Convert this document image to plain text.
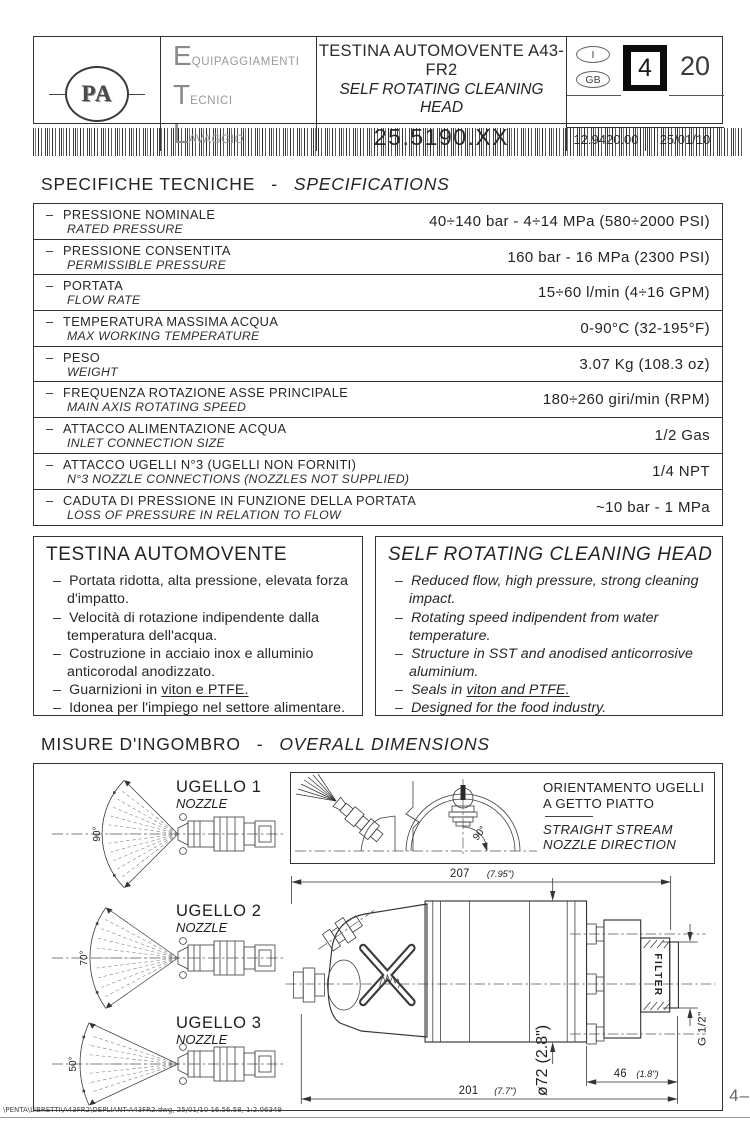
PA
E QUIPAGGIAMENTI
T ECNICI
L AVAGGIO
TESTINA AUTOMOVENTE A43-FR2
SELF ROTATING CLEANING HEAD
25.5190.XX
I
GB	4	20
12.9420.00	25/01/10
SPECIFICHE TECNICHE - SPECIFICATIONS
– PRESSIONE NOMINALE
RATED PRESSURE	40÷140 bar - 4÷14 MPa (580÷2000 PSI)
– PRESSIONE CONSENTITA
PERMISSIBLE PRESSURE	160 bar - 16 MPa (2300 PSI)
– PORTATA
FLOW RATE	15÷60 l/min (4÷16 GPM)
– TEMPERATURA MASSIMA ACQUA
MAX WORKING TEMPERATURE	0-90°C (32-195°F)
– PESO
WEIGHT	3.07 Kg (108.3 oz)
– FREQUENZA ROTAZIONE ASSE PRINCIPALE
MAIN AXIS ROTATING SPEED	180÷260 giri/min (RPM)
– ATTACCO ALIMENTAZIONE ACQUA
INLET CONNECTION SIZE	1/2 Gas
– ATTACCO UGELLI N°3 (UGELLI NON FORNITI)
N°3 NOZZLE CONNECTIONS (NOZZLES NOT SUPPLIED)	1/4 NPT
– CADUTA DI PRESSIONE IN FUNZIONE DELLA PORTATA
LOSS OF PRESSURE IN RELATION TO FLOW	~10 bar - 1 MPa
TESTINA AUTOMOVENTE
–  Portata ridotta, alta pressione, elevata forza d'impatto.
–  Velocità di rotazione indipendente dalla temperatura dell'acqua.
–  Costruzione in acciaio inox e alluminio anticorodal anodizzato.
–  Guarnizioni in viton e PTFE.
–  Idonea per l'impiego nel settore alimentare.
SELF ROTATING CLEANING HEAD
–  Reduced flow, high pressure, strong cleaning impact.
–  Rotating speed indipendent from water temperature.
–  Structure in SST and anodised anticorrosive aluminium.
–  Seals in viton and PTFE.
–  Designed for the food industry.
MISURE D'INGOMBRO - OVERALL DIMENSIONS
90°
UGELLO 1
NOZZLE
70°
UGELLO 2
NOZZLE
50°
UGELLO 3
NOZZLE
90°
ORIENTAMENTO UGELLI
A GETTO PIATTO
STRAIGHT STREAM
NOZZLE DIRECTION
207 (7.95")
201 (7.7")
46 (1.8")
ø72(2.8")	G 1/2"
FILTER
\PENTA\LIBRETTI\A43FR2\DEPLIANT-A43FR2.dwg, 25/01/10 16.56.58, 1:2.06349
4–
